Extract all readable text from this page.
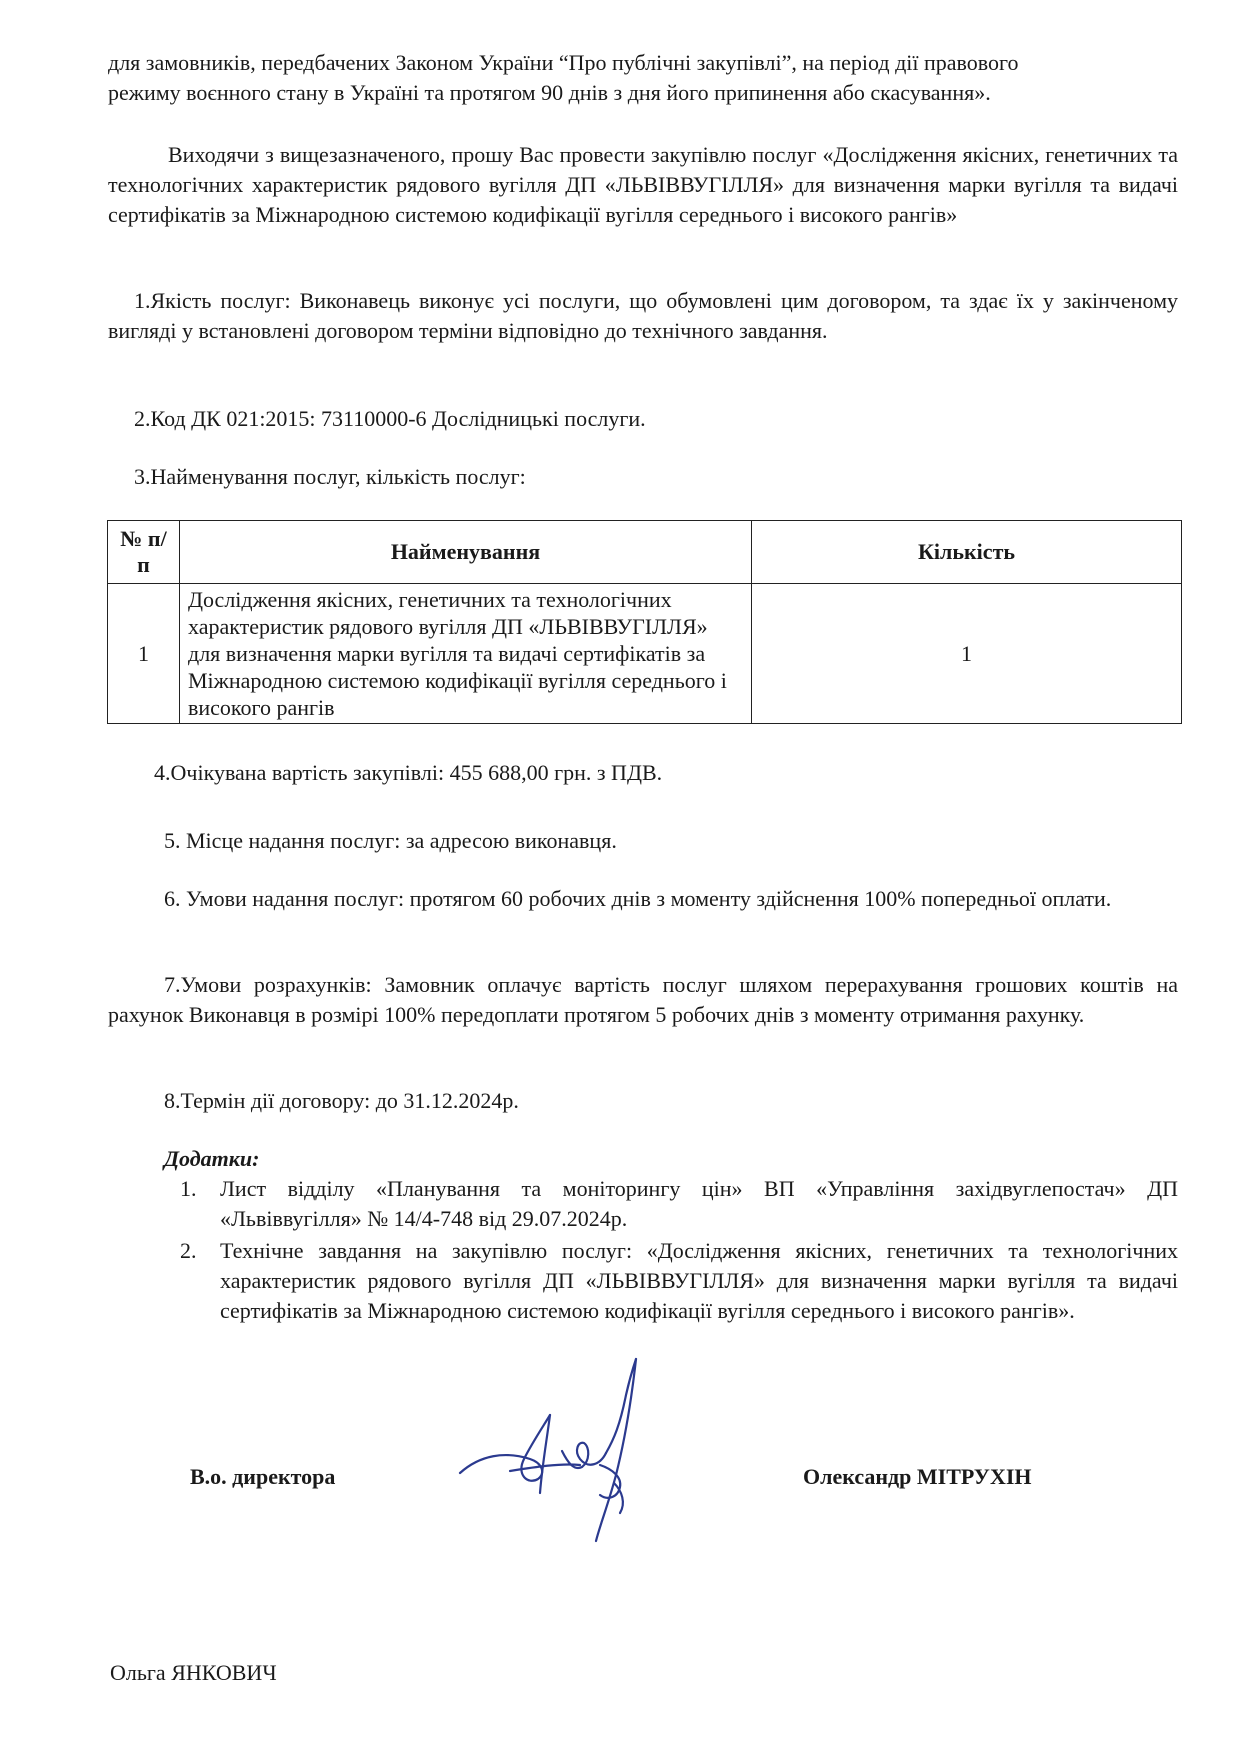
для замовників, передбачених Законом України “Про публічні закупівлі”, на період дії правового

режиму воєнного стану в Україні та протягом 90 днів з дня його припинення або скасування».

Виходячи з вищезазначеного, прошу Вас провести закупівлю послуг «Дослідження якісних, генетичних та технологічних характеристик рядового вугілля ДП «ЛЬВІВВУГІЛЛЯ» для визначення марки вугілля та видачі сертифікатів за Міжнародною системою кодифікації вугілля середнього і високого рангів»

1.Якість послуг: Виконавець виконує усі послуги, що обумовлені цим договором, та здає їх у закінченому вигляді у встановлені договором терміни відповідно до технічного завдання.

2.Код ДК 021:2015: 73110000-6 Дослідницькі послуги.

3.Найменування послуг, кількість послуг:

№ п/п	Найменування	Кількість
1	Дослідження якісних, генетичних та технологічних характеристик рядового вугілля ДП «ЛЬВІВВУГІЛЛЯ» для визначення марки вугілля та видачі сертифікатів за Міжнародною системою кодифікації вугілля середнього і високого рангів	1

4.Очікувана вартість закупівлі: 455 688,00 грн. з ПДВ.

5. Місце надання послуг: за адресою виконавця.

6. Умови надання послуг: протягом 60 робочих днів з моменту здійснення 100% попередньої оплати.

7.Умови розрахунків: Замовник оплачує вартість послуг шляхом перерахування грошових коштів на рахунок Виконавця в розмірі 100% передоплати протягом 5 робочих днів з моменту отримання рахунку.

8.Термін дії договору: до 31.12.2024р.

Додатки:

1. Лист відділу «Планування та моніторингу цін» ВП «Управління західвуглепостач» ДП «Львіввугілля» № 14/4-748 від 29.07.2024р.
2. Технічне завдання на закупівлю послуг: «Дослідження якісних, генетичних та технологічних характеристик рядового вугілля ДП «ЛЬВІВВУГІЛЛЯ» для визначення марки вугілля та видачі сертифікатів за Міжнародною системою кодифікації вугілля середнього і високого рангів».
В.о. директора	Олександр МІТРУХІН
Ольга ЯНКОВИЧ
